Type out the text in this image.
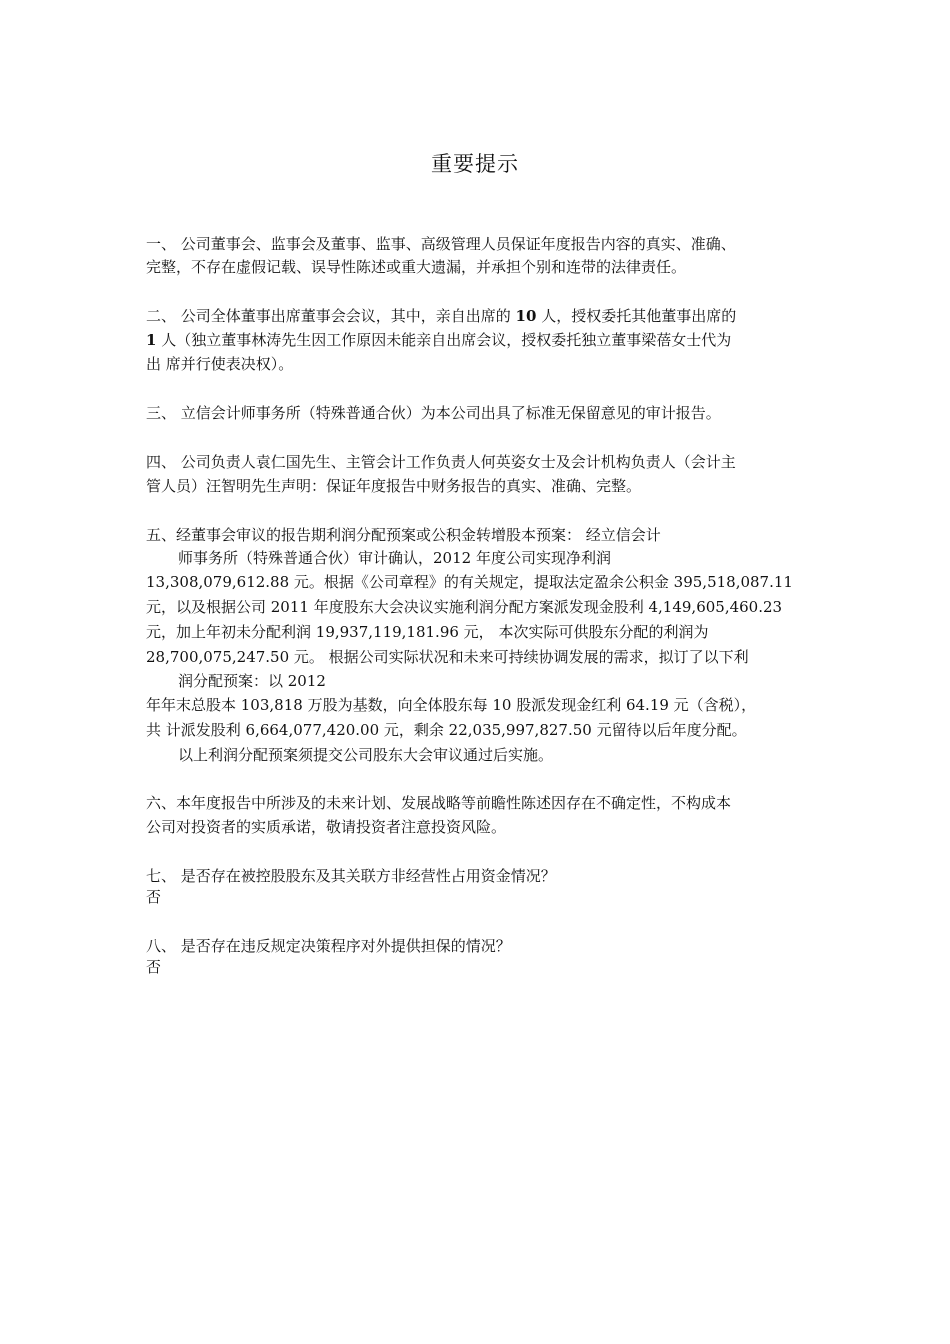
重要提示
一、 公司董事会、监事会及董事、监事、高级管理人员保证年度报告内容的真实、准确、
完整，不存在虚假记载、误导性陈述或重大遗漏，并承担个别和连带的法律责任。
二、 公司全体董事出席董事会会议，其中，亲自出席的 10 人，授权委托其他董事出席的
1 人（独立董事林涛先生因工作原因未能亲自出席会议，授权委托独立董事梁蓓女士代为
出 席并行使表决权）。
三、 立信会计师事务所（特殊普通合伙）为本公司出具了标准无保留意见的审计报告。
四、 公司负责人袁仁国先生、主管会计工作负责人何英姿女士及会计机构负责人（会计主
管人员）汪智明先生声明：保证年度报告中财务报告的真实、准确、完整。
五、经董事会审议的报告期利润分配预案或公积金转增股本预案： 经立信会计
师事务所（特殊普通合伙）审计确认，2012 年度公司实现净利润
13,308,079,612.88 元。根据《公司章程》的有关规定，提取法定盈余公积金 395,518,087.11
元，以及根据公司 2011 年度股东大会决议实施利润分配方案派发现金股利 4,149,605,460.23
元，加上年初未分配利润 19,937,119,181.96 元， 本次实际可供股东分配的利润为
28,700,075,247.50 元。 根据公司实际状况和未来可持续协调发展的需求，拟订了以下利
润分配预案：以 2012
年年末总股本 103,818 万股为基数，向全体股东每 10 股派发现金红利 64.19 元（含税），
共 计派发股利 6,664,077,420.00 元，剩余 22,035,997,827.50 元留待以后年度分配。
以上利润分配预案须提交公司股东大会审议通过后实施。
六、本年度报告中所涉及的未来计划、发展战略等前瞻性陈述因存在不确定性，不构成本
公司对投资者的实质承诺，敬请投资者注意投资风险。
七、 是否存在被控股股东及其关联方非经营性占用资金情况？
否
八、 是否存在违反规定决策程序对外提供担保的情况？
否
